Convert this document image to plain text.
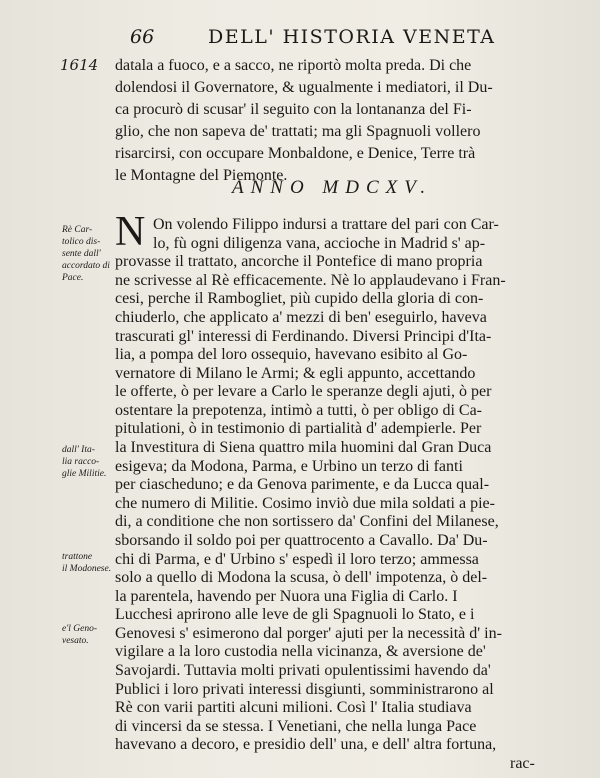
66	DELL' HISTORIA VENETA
1614
ANNO MDCXV.
N
Rè Car-
tolico dis-
sente dall'
accordato di
Pace.
dall' Ita-
lia racco-
glie Militie.
trattone
il Modonese.
e'l Geno-
vesato.
datala a fuoco, e a sacco, ne riportò molta preda. Di che
dolendosi il Governatore, & ugualmente i mediatori, il Du-
ca procurò di scusar' il seguito con la lontananza del Fi-
glio, che non sapeva de' trattati; ma gli Spagnuoli vollero
risarcirsi, con occupare Monbaldone, e Denice, Terre trà
le Montagne del Piemonte.
On volendo Filippo indursi a trattare del pari con Car-
lo, fù ogni diligenza vana, accioche in Madrid s' ap-
provasse il trattato, ancorche il Pontefice di mano propria
ne scrivesse al Rè efficacemente. Nè lo applaudevano i Fran-
cesi, perche il Rambogliet, più cupido della gloria di con-
chiuderlo, che applicato a' mezzi di ben' eseguirlo, haveva
trascurati gl' interessi di Ferdinando. Diversi Principi d'Ita-
lia, a pompa del loro ossequio, havevano esibito al Go-
vernatore di Milano le Armi; & egli appunto, accettando
le offerte, ò per levare a Carlo le speranze degli ajuti, ò per
ostentare la prepotenza, intimò a tutti, ò per obligo di Ca-
pitulationi, ò in testimonio di partialità d' adempierle. Per
la Investitura di Siena quattro mila huomini dal Gran Duca
esigeva; da Modona, Parma, e Urbino un terzo di fanti
per ciascheduno; e da Genova parimente, e da Lucca qual-
che numero di Militie. Cosimo inviò due mila soldati a pie-
di, a conditione che non sortissero da' Confini del Milanese,
sborsando il soldo poi per quattrocento a Cavallo. Da' Du-
chi di Parma, e d' Urbino s' espedì il loro terzo; ammessa
solo a quello di Modona la scusa, ò dell' impotenza, ò del-
la parentela, havendo per Nuora una Figlia di Carlo. I
Lucchesi aprirono alle leve de gli Spagnuoli lo Stato, e i
Genovesi s' esimerono dal porger' ajuti per la necessità d' in-
vigilare a la loro custodia nella vicinanza, & aversione de'
Savojardi. Tuttavia molti privati opulentissimi havendo da'
Publici i loro privati interessi disgiunti, somministrarono al
Rè con varii partiti alcuni milioni. Così l' Italia studiava
di vincersi da se stessa. I Venetiani, che nella lunga Pace
havevano a decoro, e presidio dell' una, e dell' altra fortuna,
rac-
